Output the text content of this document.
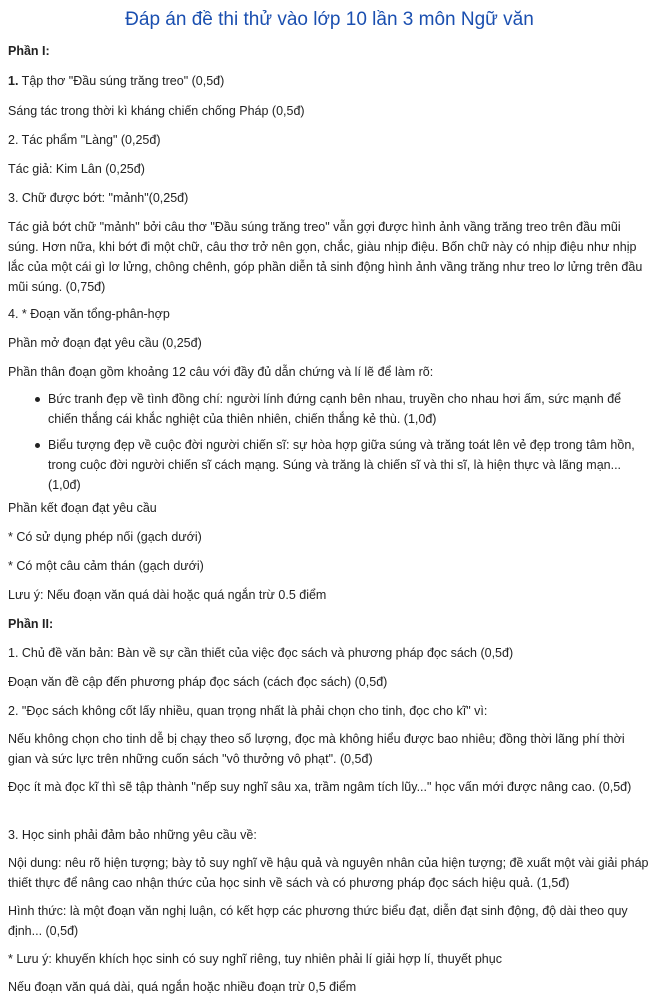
Đáp án đề thi thử vào lớp 10 lần 3 môn Ngữ văn

Phần I:

1. Tập thơ "Đầu súng trăng treo" (0,5đ)

Sáng tác trong thời kì kháng chiến chống Pháp (0,5đ)

2. Tác phẩm "Làng" (0,25đ)

Tác giả: Kim Lân (0,25đ)

3. Chữ được bớt: "mảnh"(0,25đ)

Tác giả bớt chữ "mảnh" bởi câu thơ "Đầu súng trăng treo" vẫn gợi được hình ảnh vầng trăng treo trên đầu mũi súng. Hơn nữa, khi bớt đi một chữ, câu thơ trở nên gọn, chắc, giàu nhịp điệu. Bốn chữ này có nhịp điệu như nhịp lắc của một cái gì lơ lửng, chông chênh, góp phần diễn tả sinh động hình ảnh vầng trăng như treo lơ lửng trên đầu mũi súng. (0,75đ)

4. * Đoạn văn tổng-phân-hợp

Phần mở đoạn đạt yêu cầu (0,25đ)

Phần thân đoạn gồm khoảng 12 câu với đầy đủ dẫn chứng và lí lẽ để làm rõ:

Bức tranh đẹp về tình đồng chí: người lính đứng cạnh bên nhau, truyền cho nhau hơi ấm, sức mạnh để chiến thắng cái khắc nghiệt của thiên nhiên, chiến thắng kẻ thù. (1,0đ)
Biểu tượng đẹp về cuộc đời người chiến sĩ: sự hòa hợp giữa súng và trăng toát lên vẻ đẹp trong tâm hồn, trong cuộc đời người chiến sĩ cách mạng. Súng và trăng là chiến sĩ và thi sĩ, là hiện thực và lãng mạn... (1,0đ)

Phần kết đoạn đạt yêu cầu

* Có sử dụng phép nối (gạch dưới)

* Có một câu cảm thán (gạch dưới)

Lưu ý: Nếu đoạn văn quá dài hoặc quá ngắn trừ 0.5 điểm

Phần II:

1. Chủ đề văn bản: Bàn về sự cần thiết của việc đọc sách và phương pháp đọc sách (0,5đ)

Đoạn văn đề cập đến phương pháp đọc sách (cách đọc sách) (0,5đ)

2. "Đọc sách không cốt lấy nhiều, quan trọng nhất là phải chọn cho tinh, đọc cho kĩ" vì:

Nếu không chọn cho tinh dễ bị chạy theo số lượng, đọc mà không hiểu được bao nhiêu; đồng thời lãng phí thời gian và sức lực trên những cuốn sách "vô thưởng vô phạt". (0,5đ)

Đọc ít mà đọc kĩ thì sẽ tập thành "nếp suy nghĩ sâu xa, trầm ngâm tích lũy..." học vấn mới được nâng cao. (0,5đ)

3. Học sinh phải đảm bảo những yêu cầu về:

Nội dung: nêu rõ hiện tượng; bày tỏ suy nghĩ về hậu quả và nguyên nhân của hiện tượng; đề xuất một vài giải pháp thiết thực để nâng cao nhận thức của học sinh về sách và có phương pháp đọc sách hiệu quả. (1,5đ)

Hình thức: là một đoạn văn nghị luận, có kết hợp các phương thức biểu đạt, diễn đạt sinh động, độ dài theo quy định... (0,5đ)

* Lưu ý: khuyến khích học sinh có suy nghĩ riêng, tuy nhiên phải lí giải hợp lí, thuyết phục

Nếu đoạn văn quá dài, quá ngắn hoặc nhiều đoạn trừ 0,5 điểm
